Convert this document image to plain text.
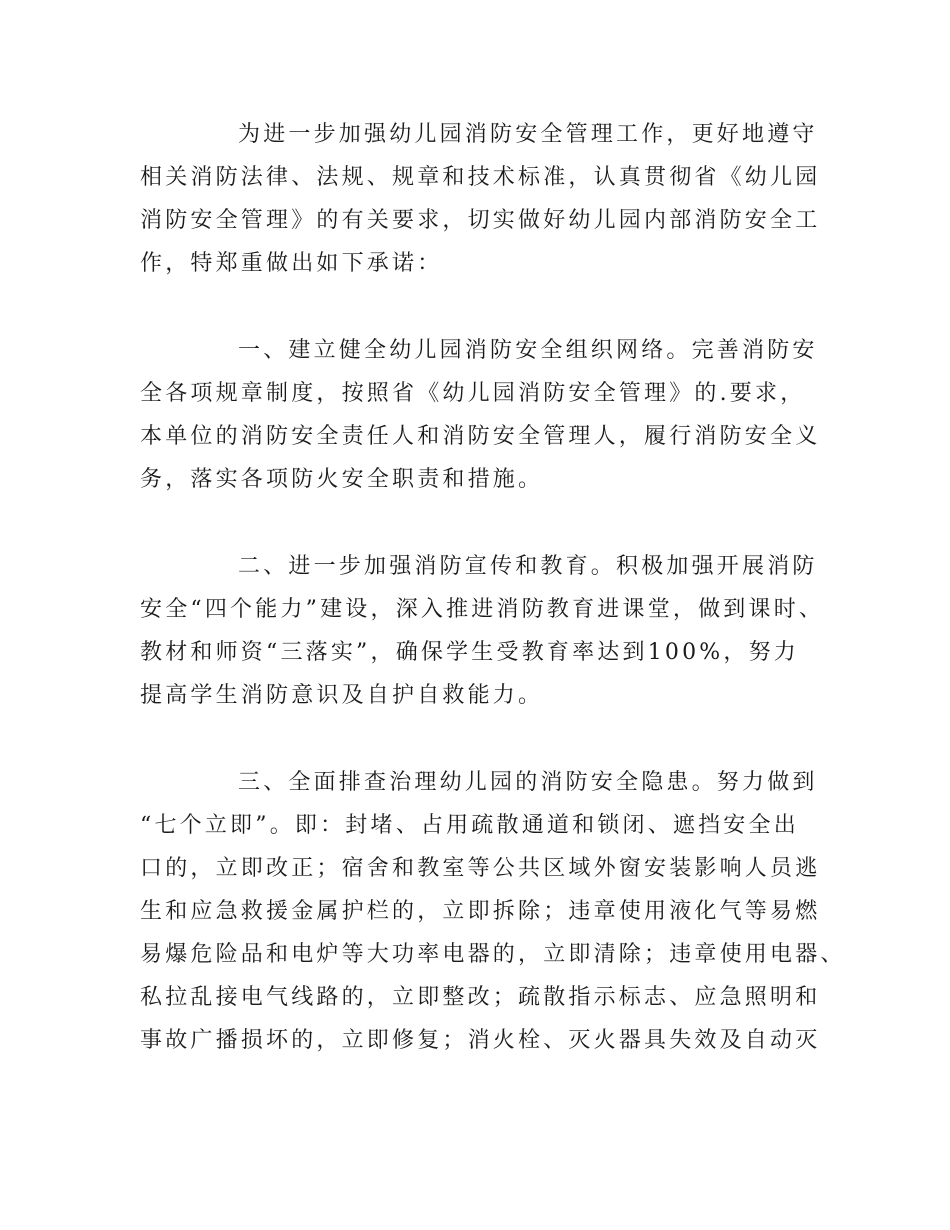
为进一步加强幼儿园消防安全管理工作，更好地遵守

相关消防法律、法规、规章和技术标准，认真贯彻省《幼儿园

消防安全管理》的有关要求，切实做好幼儿园内部消防安全工

作，特郑重做出如下承诺：

一、建立健全幼儿园消防安全组织网络。完善消防安

全各项规章制度，按照省《幼儿园消防安全管理》的.要求，

本单位的消防安全责任人和消防安全管理人，履行消防安全义

务，落实各项防火安全职责和措施。

二、进一步加强消防宣传和教育。积极加强开展消防

安全“四个能力”建设，深入推进消防教育进课堂，做到课时、

教材和师资“三落实”，确保学生受教育率达到100%，努力

提高学生消防意识及自护自救能力。

三、全面排查治理幼儿园的消防安全隐患。努力做到

“七个立即”。即：封堵、占用疏散通道和锁闭、遮挡安全出

口的，立即改正；宿舍和教室等公共区域外窗安装影响人员逃

生和应急救援金属护栏的，立即拆除；违章使用液化气等易燃

易爆危险品和电炉等大功率电器的，立即清除；违章使用电器、

私拉乱接电气线路的，立即整改；疏散指示标志、应急照明和

事故广播损坏的，立即修复；消火栓、灭火器具失效及自动灭
